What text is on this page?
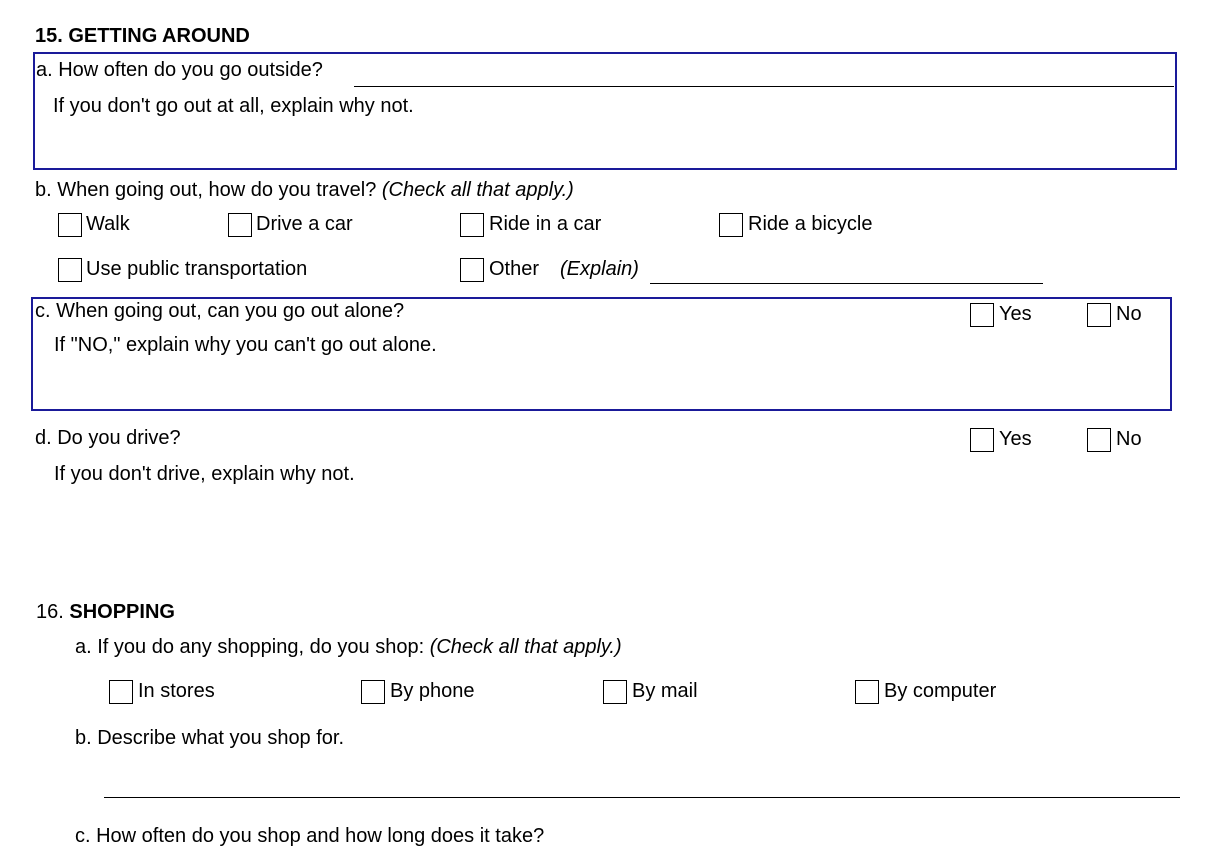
15. GETTING AROUND
a. How often do you go outside?
If you don't go out at all, explain why not.
b. When going out, how do you travel? (Check all that apply.)
Walk	Drive a car	Ride in a car	Ride a bicycle
Use public transportation	Other (Explain)
c. When going out, can you go out alone?	Yes	No
If "NO," explain why you can't go out alone.
d. Do you drive?	Yes	No
If you don't drive, explain why not.
16. SHOPPING
a. If you do any shopping, do you shop: (Check all that apply.)
In stores	By phone	By mail	By computer
b. Describe what you shop for.
c. How often do you shop and how long does it take?
